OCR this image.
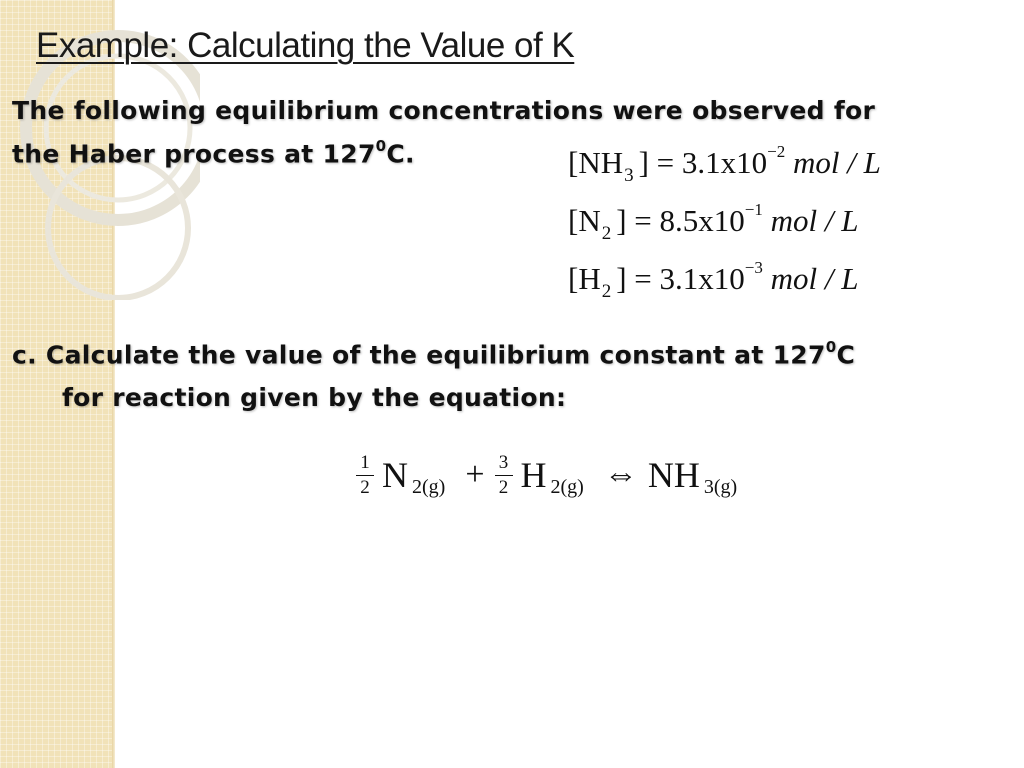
Example: Calculating the Value of K
The following equilibrium concentrations were observed for
the Haber process at $127^0C$.	[$NH_3$ ] = $3.1x10^{-2}$ mol / L
[$N_2$ ] = $8.5x10^{-1}$ mol / L
[$H_2$ ] = $3.1x10^{-3}$ mol / L
c. Calculate the value of the equilibrium constant at $127^0C$
for reaction given by the equation:
$\frac{1}{2}$ N $2(g) + \frac{3}{2}$ H 2(g) ⇔ NH 3(g)
